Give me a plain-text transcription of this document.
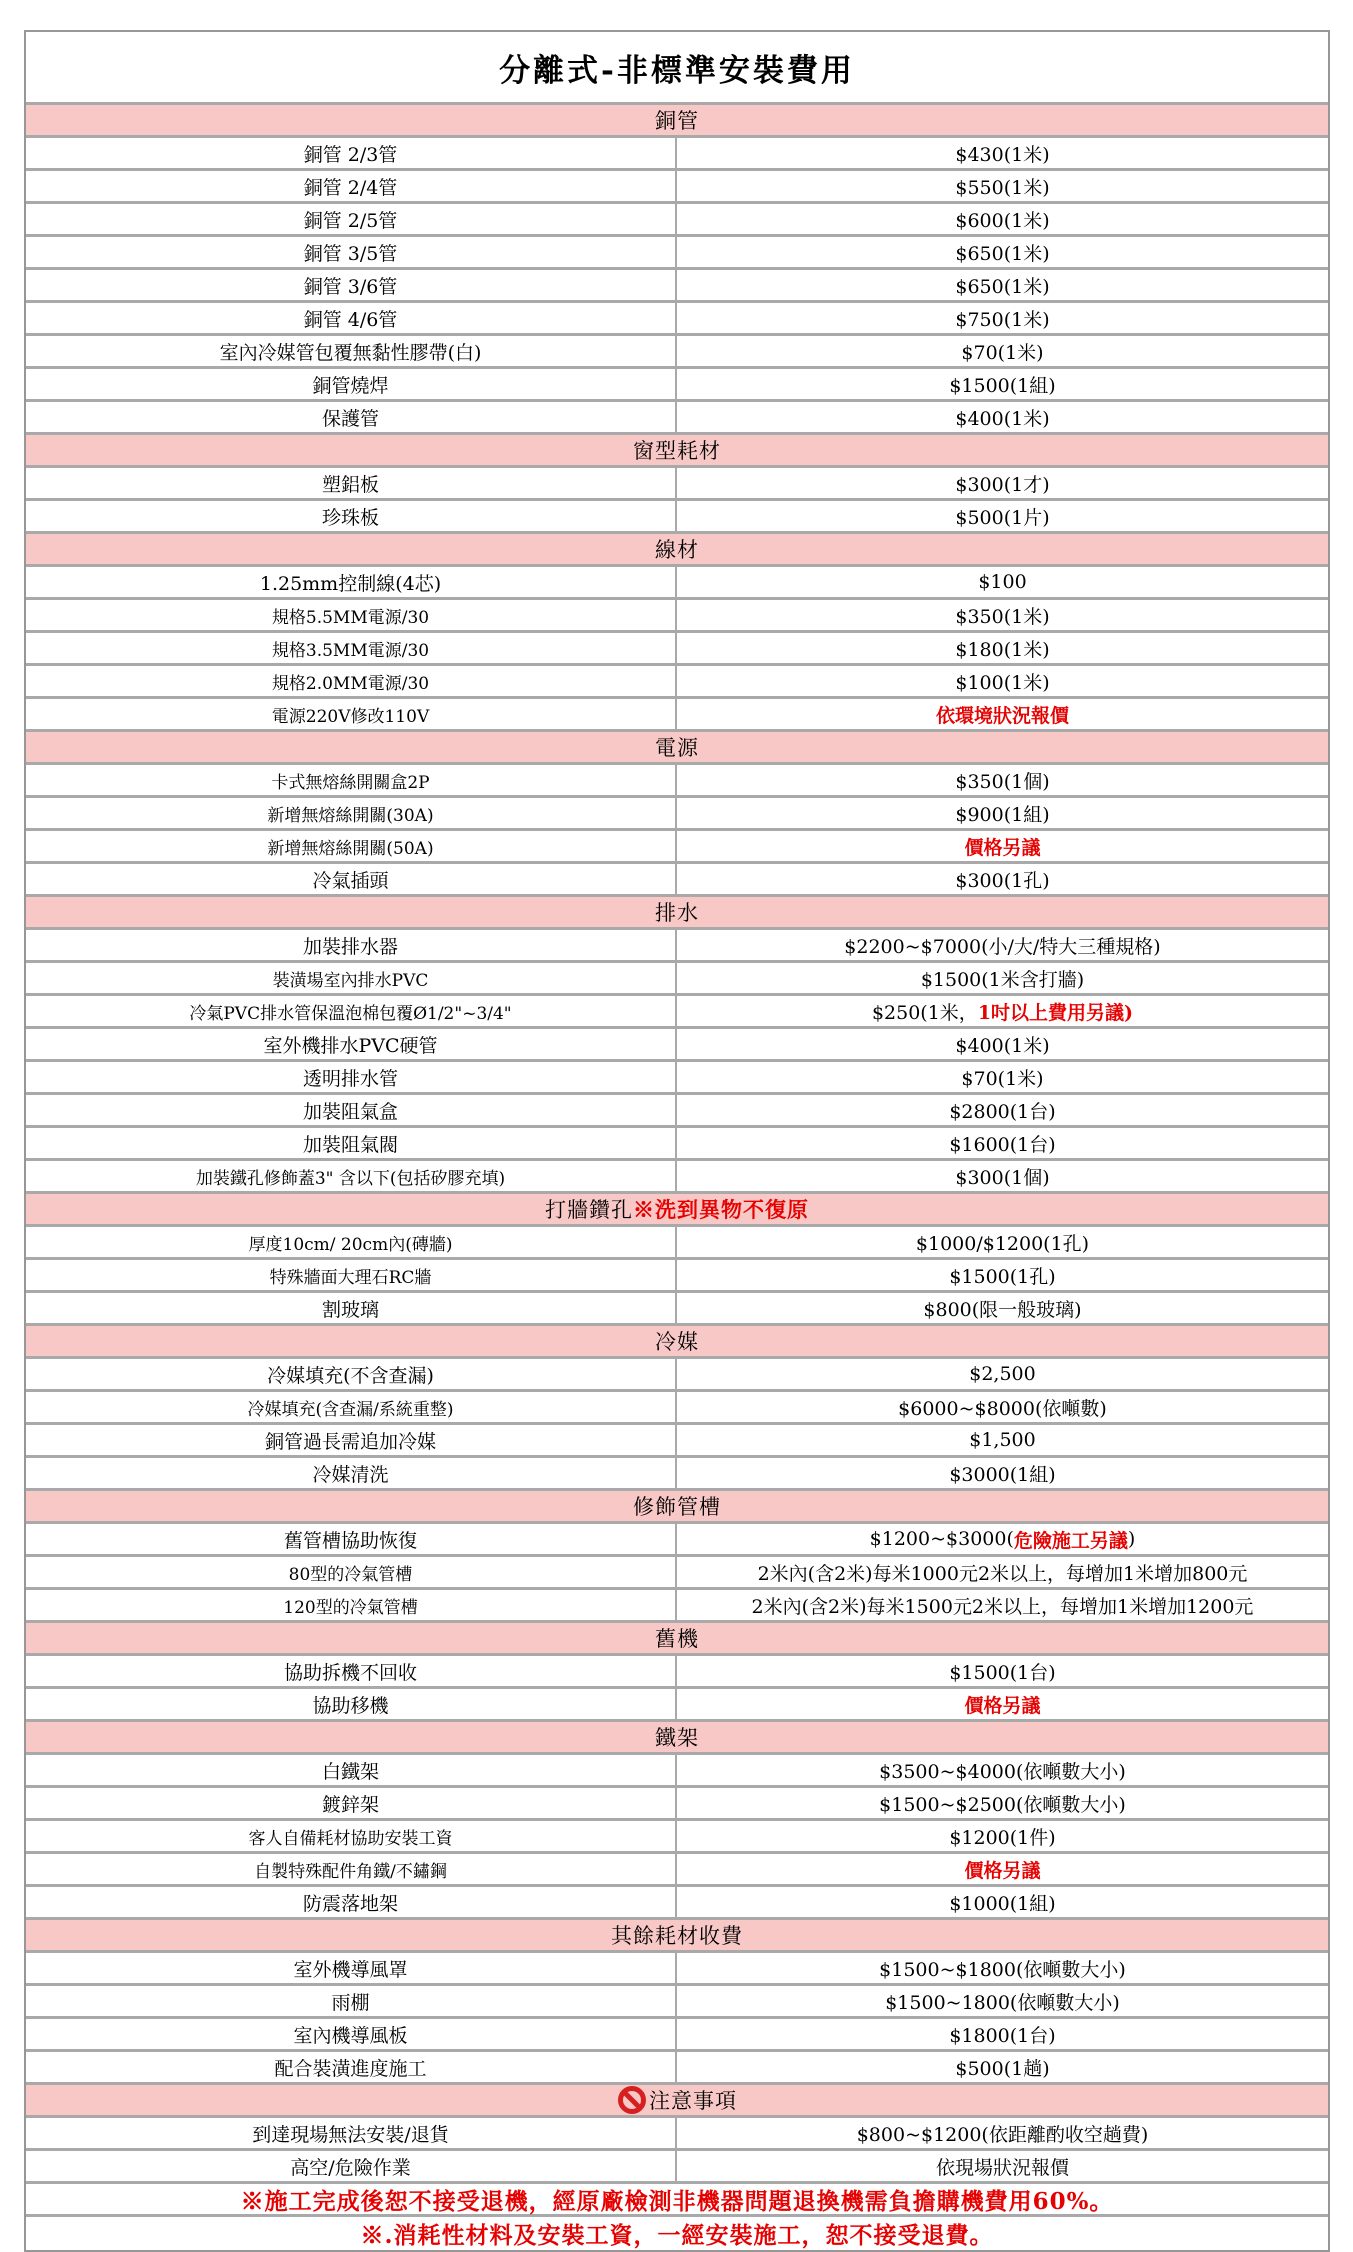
分離式-非標準安裝費用
銅管
銅管 2/3管	$430(1米)
銅管 2/4管	$550(1米)
銅管 2/5管	$600(1米)
銅管 3/5管	$650(1米)
銅管 3/6管	$650(1米)
銅管 4/6管	$750(1米)
室內冷媒管包覆無黏性膠帶(白)	$70(1米)
銅管燒焊	$1500(1組)
保護管	$400(1米)
窗型耗材
塑鋁板	$300(1才)
珍珠板	$500(1片)
線材
1.25mm控制線(4芯)	$100
規格5.5MM電源/30	$350(1米)
規格3.5MM電源/30	$180(1米)
規格2.0MM電源/30	$100(1米)
電源220V修改110V	依環境狀況報價
電源
卡式無熔絲開關盒2P	$350(1個)
新增無熔絲開關(30A)	$900(1組)
新增無熔絲開關(50A)	價格另議
冷氣插頭	$300(1孔)
排水
加裝排水器	$2200~$7000(小/大/特大三種規格)
裝潢場室內排水PVC	$1500(1米含打牆)
冷氣PVC排水管保溫泡棉包覆Ø1/2"~3/4"	$250(1米， 1吋以上費用另議)
室外機排水PVC硬管	$400(1米)
透明排水管	$70(1米)
加裝阻氣盒	$2800(1台)
加裝阻氣閥	$1600(1台)
加裝鐵孔修飾蓋3" 含以下(包括矽膠充填)	$300(1個)
打牆鑽孔 ※洗到異物不復原
厚度10cm/ 20cm內(磚牆)	$1000/$1200(1孔)
特殊牆面大理石RC牆	$1500(1孔)
割玻璃	$800(限一般玻璃)
冷媒
冷媒填充(不含查漏)	$2,500
冷媒填充(含查漏/系統重整)	$6000~$8000(依噸數)
銅管過長需追加冷媒	$1,500
冷媒清洗	$3000(1組)
修飾管槽
舊管槽協助恢復	$1200~$3000( 危險施工另議 )
80型的冷氣管槽	2米內(含2米)每米1000元2米以上，每增加1米增加800元
120型的冷氣管槽	2米內(含2米)每米1500元2米以上，每增加1米增加1200元
舊機
協助拆機不回收	$1500(1台)
協助移機	價格另議
鐵架
白鐵架	$3500~$4000(依噸數大小)
鍍鋅架	$1500~$2500(依噸數大小)
客人自備耗材協助安裝工資	$1200(1件)
自製特殊配件角鐵/不鏽鋼	價格另議
防震落地架	$1000(1組)
其餘耗材收費
室外機導風罩	$1500~$1800(依噸數大小)
雨棚	$1500~1800(依噸數大小)
室內機導風板	$1800(1台)
配合裝潢進度施工	$500(1趟)
注意事項
到達現場無法安裝/退貨	$800~$1200(依距離酌收空趟費)
高空/危險作業	依現場狀況報價
※施工完成後恕不接受退機，經原廠檢測非機器問題退換機需負擔購機費用60%。
※.消耗性材料及安裝工資，一經安裝施工，恕不接受退費。
